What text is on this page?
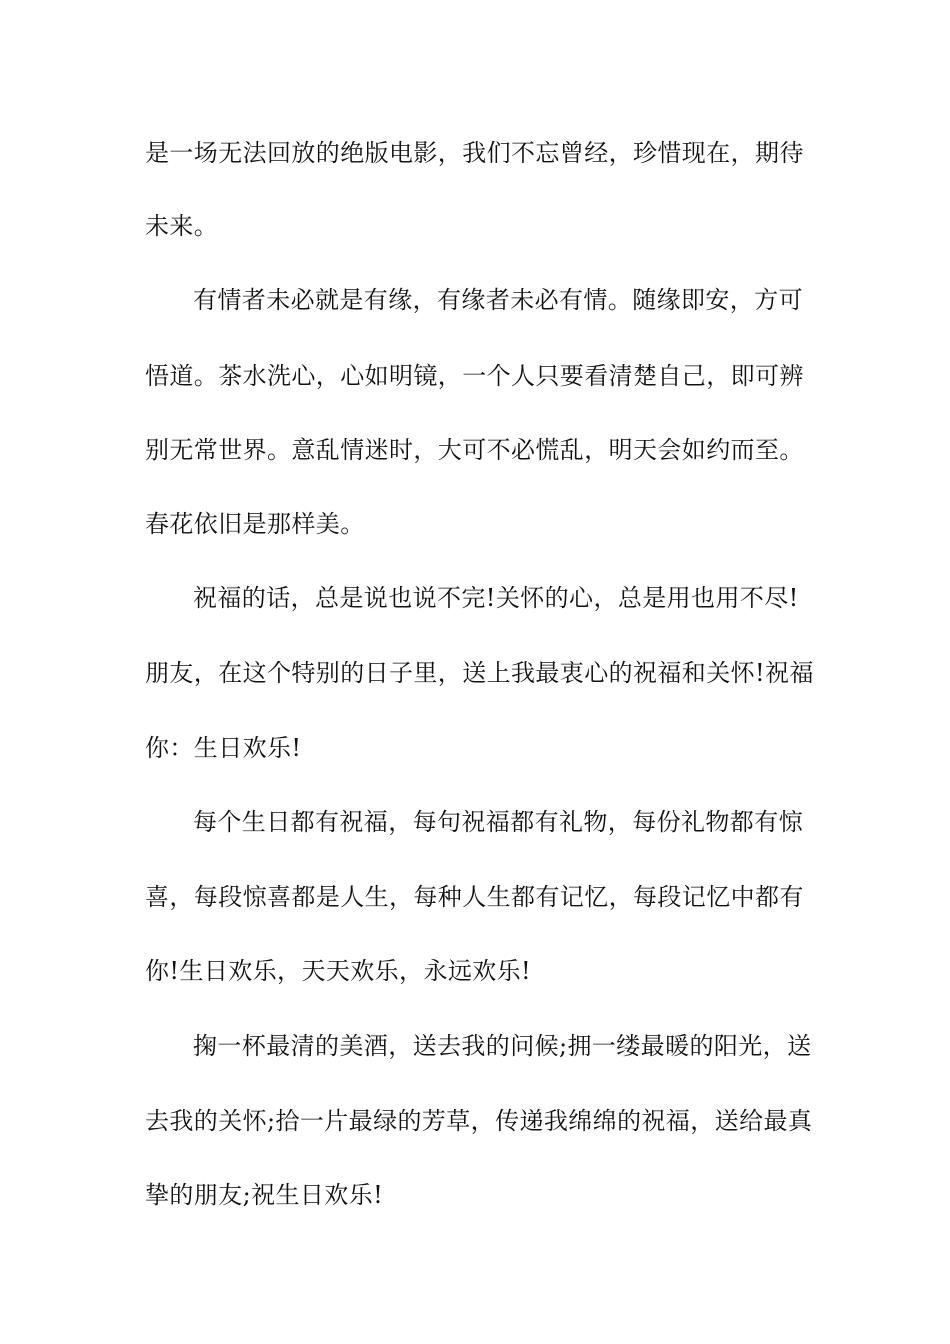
是一场无法回放的绝版电影，我们不忘曾经，珍惜现在，期待
未来。
有情者未必就是有缘，有缘者未必有情。随缘即安，方可
悟道。茶水洗心，心如明镜，一个人只要看清楚自己，即可辨
别无常世界。意乱情迷时，大可不必慌乱，明天会如约而至。
春花依旧是那样美。
祝福的话，总是说也说不完!关怀的心，总是用也用不尽!
朋友，在这个特别的日子里，送上我最衷心的祝福和关怀!祝福
你：生日欢乐!
每个生日都有祝福，每句祝福都有礼物，每份礼物都有惊
喜，每段惊喜都是人生，每种人生都有记忆，每段记忆中都有
你!生日欢乐，天天欢乐，永远欢乐!
掬一杯最清的美酒，送去我的问候;拥一缕最暖的阳光，送
去我的关怀;拾一片最绿的芳草，传递我绵绵的祝福，送给最真
挚的朋友;祝生日欢乐!
